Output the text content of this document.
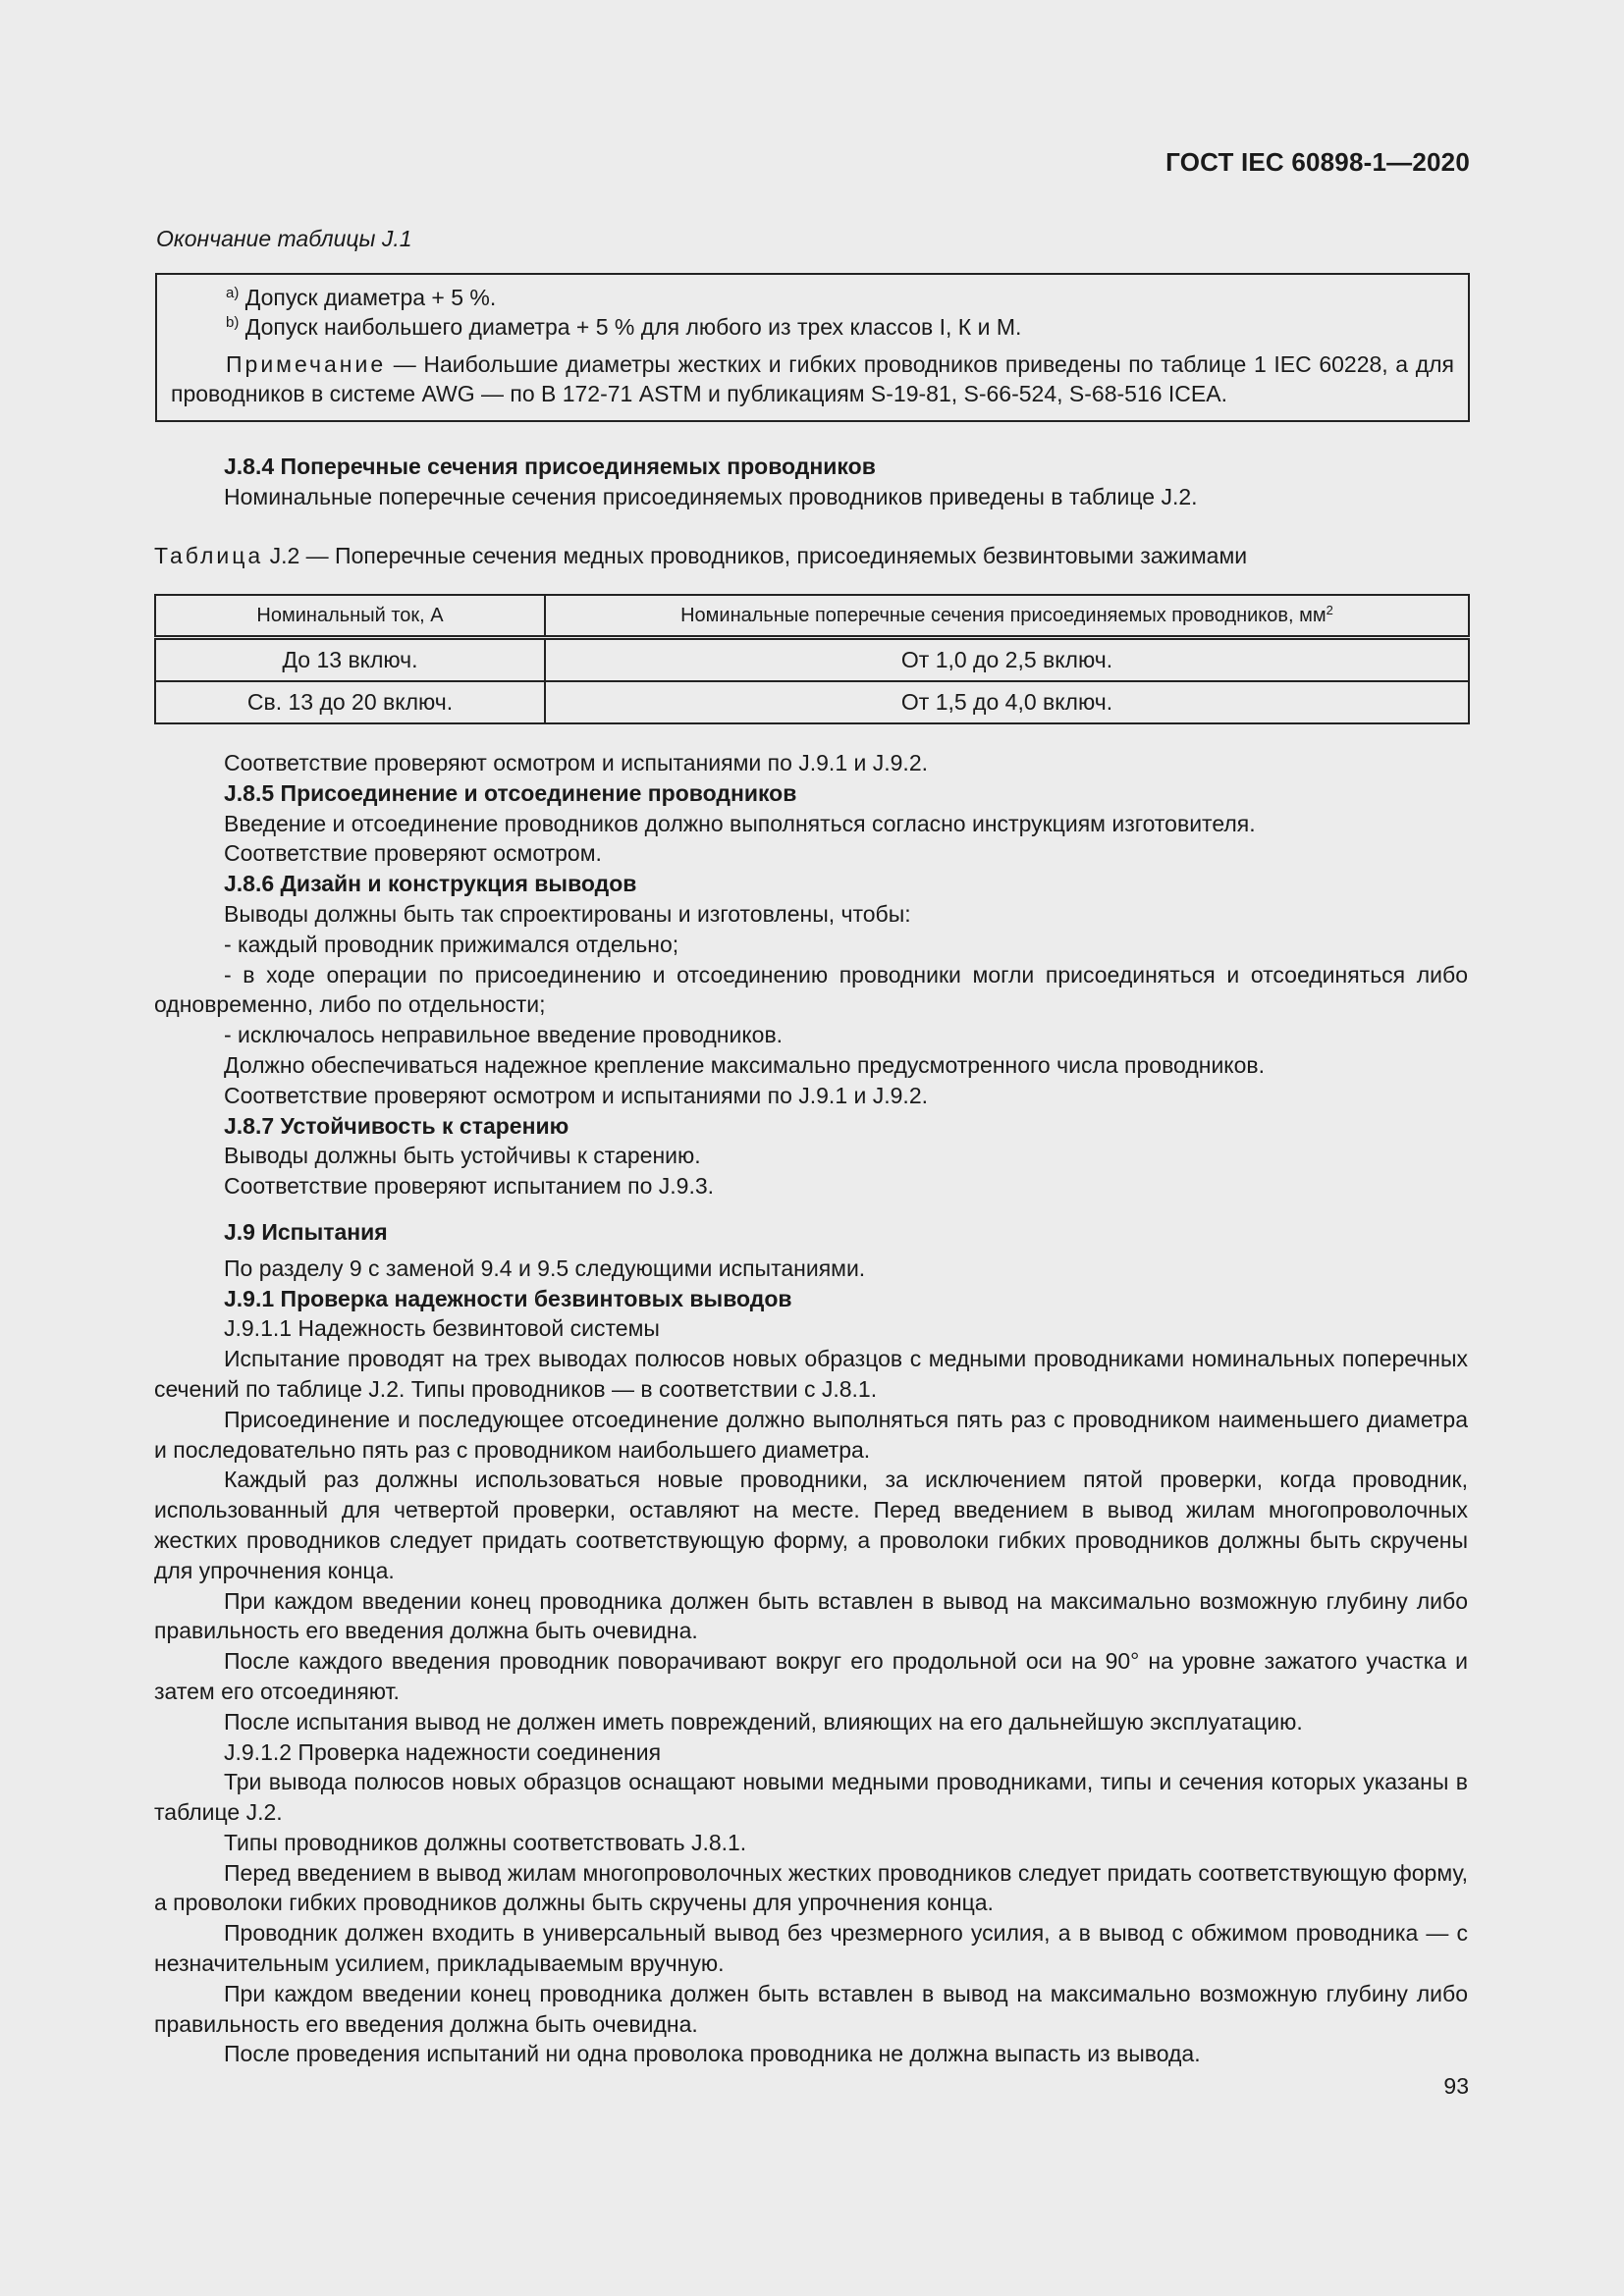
ГОСТ IEC 60898-1—2020
Окончание таблицы J.1
$^{a)}$ Допуск диаметра + 5 %.
$^{b)}$ Допуск наибольшего диаметра + 5 % для любого из трех классов I, К и М.
Примечание — Наибольшие диаметры жестких и гибких проводников приведены по таблице 1 IEC 60228, а для проводников в системе AWG — по В 172-71 ASTM и публикациям S-19-81, S-66-524, S-68-516 ICEA.
J.8.4 Поперечные сечения присоединяемых проводников
Номинальные поперечные сечения присоединяемых проводников приведены в таблице J.2.
Таблица J.2 — Поперечные сечения медных проводников, присоединяемых безвинтовыми зажимами
Номинальный ток, А	Номинальные поперечные сечения присоединяемых проводников, $мм^2$
До 13 включ.	От 1,0 до 2,5 включ.
Св. 13 до 20 включ.	От 1,5 до 4,0 включ.
Соответствие проверяют осмотром и испытаниями по J.9.1 и J.9.2.
J.8.5 Присоединение и отсоединение проводников
Введение и отсоединение проводников должно выполняться согласно инструкциям изготовителя.
Соответствие проверяют осмотром.
J.8.6 Дизайн и конструкция выводов
Выводы должны быть так спроектированы и изготовлены, чтобы:
- каждый проводник прижимался отдельно;
- в ходе операции по присоединению и отсоединению проводники могли присоединяться и отсоединяться либо одновременно, либо по отдельности;
- исключалось неправильное введение проводников.
Должно обеспечиваться надежное крепление максимально предусмотренного числа проводников.
Соответствие проверяют осмотром и испытаниями по J.9.1 и J.9.2.
J.8.7 Устойчивость к старению
Выводы должны быть устойчивы к старению.
Соответствие проверяют испытанием по J.9.3.
J.9 Испытания
По разделу 9 с заменой 9.4 и 9.5 следующими испытаниями.
J.9.1 Проверка надежности безвинтовых выводов
J.9.1.1 Надежность безвинтовой системы
Испытание проводят на трех выводах полюсов новых образцов с медными проводниками номинальных поперечных сечений по таблице J.2. Типы проводников — в соответствии с J.8.1.
Присоединение и последующее отсоединение должно выполняться пять раз с проводником наименьшего диаметра и последовательно пять раз с проводником наибольшего диаметра.
Каждый раз должны использоваться новые проводники, за исключением пятой проверки, когда проводник, использованный для четвертой проверки, оставляют на месте. Перед введением в вывод жилам многопроволочных жестких проводников следует придать соответствующую форму, а проволоки гибких проводников должны быть скручены для упрочнения конца.
При каждом введении конец проводника должен быть вставлен в вывод на максимально возможную глубину либо правильность его введения должна быть очевидна.
После каждого введения проводник поворачивают вокруг его продольной оси на 90° на уровне зажатого участка и затем его отсоединяют.
После испытания вывод не должен иметь повреждений, влияющих на его дальнейшую эксплуатацию.
J.9.1.2 Проверка надежности соединения
Три вывода полюсов новых образцов оснащают новыми медными проводниками, типы и сечения которых указаны в таблице J.2.
Типы проводников должны соответствовать J.8.1.
Перед введением в вывод жилам многопроволочных жестких проводников следует придать соответствующую форму, а проволоки гибких проводников должны быть скручены для упрочнения конца.
Проводник должен входить в универсальный вывод без чрезмерного усилия, а в вывод с обжимом проводника — с незначительным усилием, прикладываемым вручную.
При каждом введении конец проводника должен быть вставлен в вывод на максимально возможную глубину либо правильность его введения должна быть очевидна.
После проведения испытаний ни одна проволока проводника не должна выпасть из вывода.
93
